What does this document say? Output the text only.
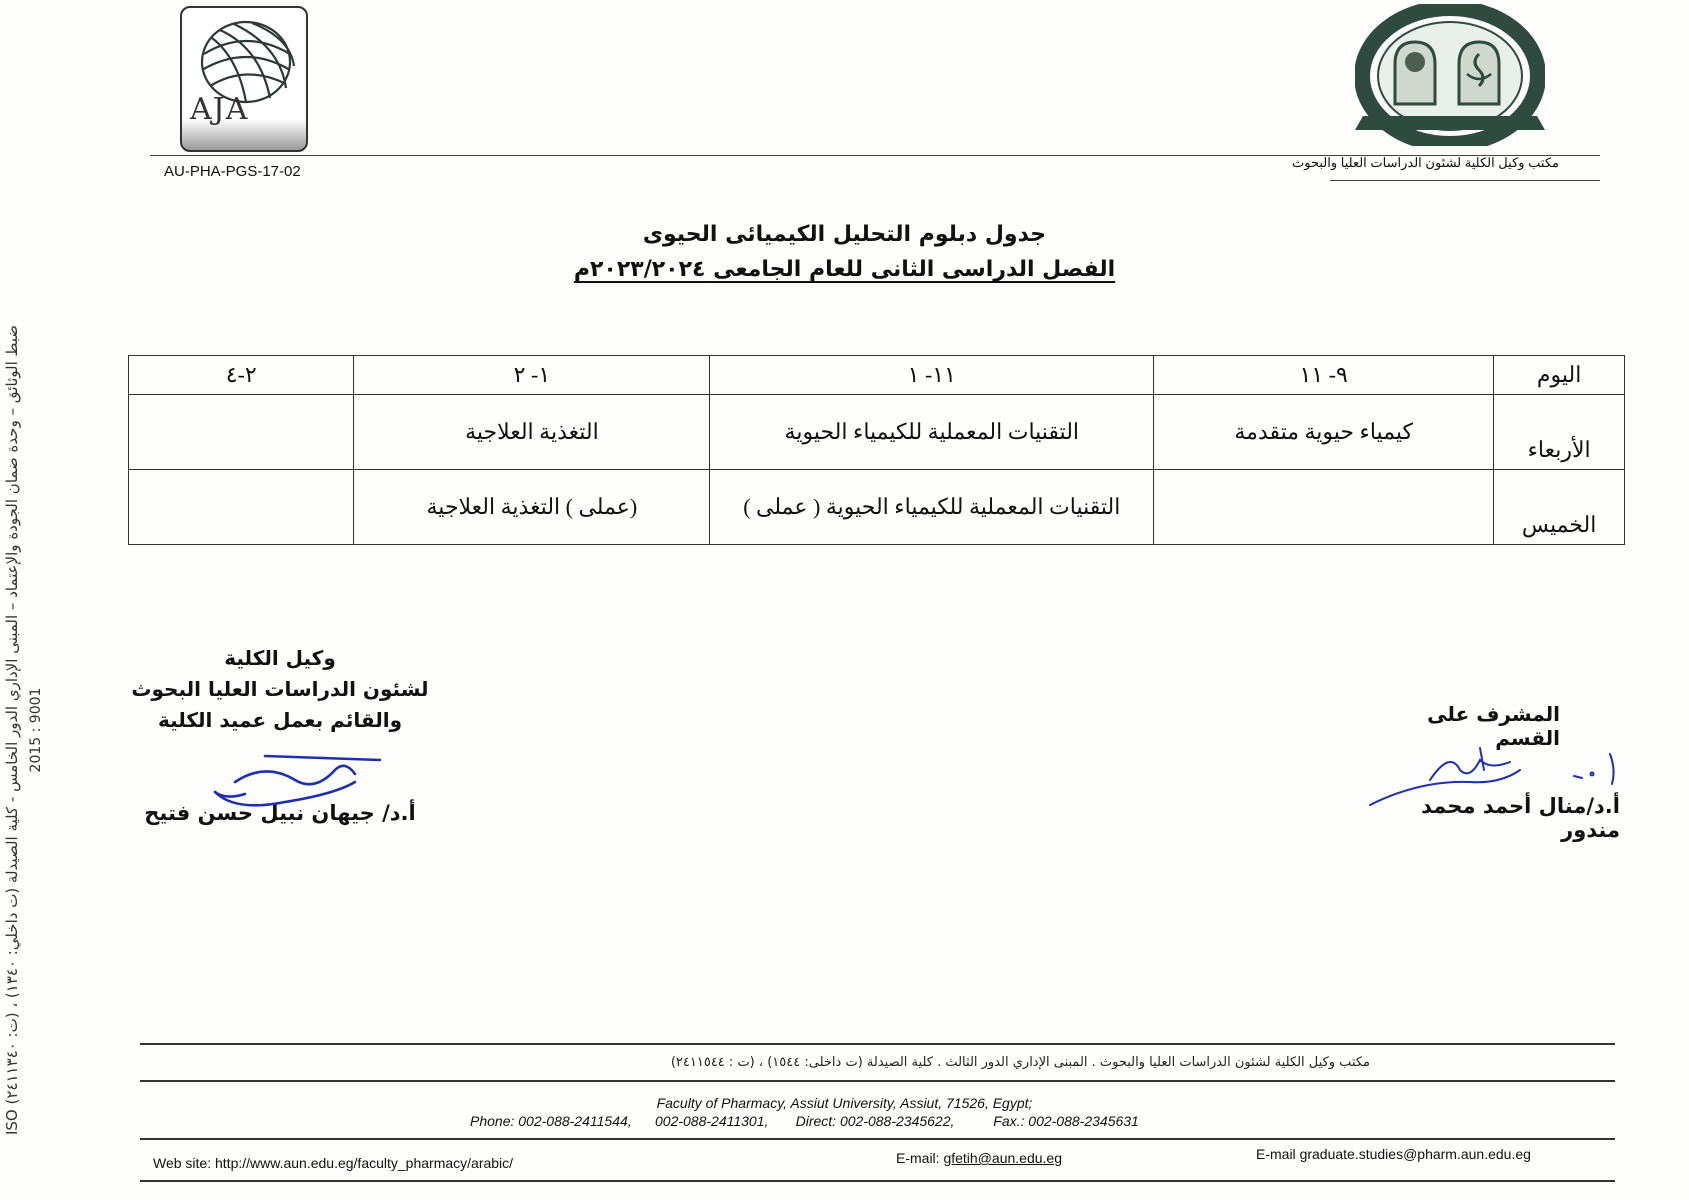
ضبط الوثائق – وحدة ضمان الجودة والإعتماد – المبنى الإداري الدور الخامس - كلية الصيدلة (ت داخلي: ١٣٤٠) ، (ت: ٢٤١١٣٤٠) ISO 9001 : 2015
AJA
AU-PHA-PGS-17-02
مكتب وكيل الكلية لشئون الدراسات العليا والبحوث
جدول دبلوم التحليل الكيميائى الحيوى
الفصل الدراسى الثانى للعام الجامعى ٢٠٢٣/٢٠٢٤م
اليوم	٩- ١١	١١- ١	١- ٢	٢-٤
الأربعاء	كيمياء حيوية متقدمة	التقنيات المعملية للكيمياء الحيوية	التغذية العلاجية	
الخميس		التقنيات المعملية للكيمياء الحيوية ( عملى )	(عملى ) التغذية العلاجية	
وكيل الكلية
لشئون الدراسات العليا البحوث
والقائم بعمل عميد الكلية
أ.د/ جيهان نبيل حسن فتيح
المشرف على القسم
أ.د/منال أحمد محمد مندور
مكتب وكيل الكلية لشئون الدراسات العليا والبحوث . المبنى الإداري الدور الثالث . كلية الصيدلة (ت داخلى: ١٥٤٤) ، (ت : ٢٤١١٥٤٤)
Faculty of Pharmacy, Assiut University, Assiut, 71526, Egypt;
Phone: 002-088-2411544,      002-088-2411301,       Direct: 002-088-2345622,          Fax.: 002-088-2345631
Web site: http://www.aun.edu.eg/faculty_pharmacy/arabic/	E-mail: gfetih@aun.edu.eg	E-mail graduate.studies@pharm.aun.edu.eg
